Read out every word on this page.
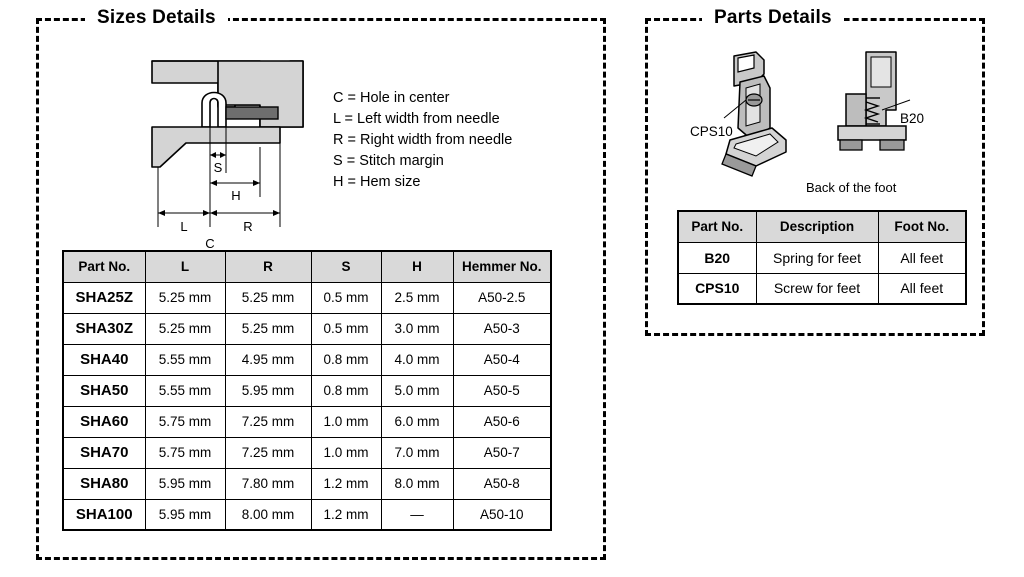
Sizes Details
S
H
L	R
C
C = Hole in center
L = Left width from needle
R = Right width from needle
S = Stitch margin
H = Hem size
Part No.	L	R	S	H	Hemmer No.
SHA25Z	5.25 mm	5.25 mm	0.5 mm	2.5 mm	A50-2.5
SHA30Z	5.25 mm	5.25 mm	0.5 mm	3.0 mm	A50-3
SHA40	5.55 mm	4.95 mm	0.8 mm	4.0 mm	A50-4
SHA50	5.55 mm	5.95 mm	0.8 mm	5.0 mm	A50-5
SHA60	5.75 mm	7.25 mm	1.0 mm	6.0 mm	A50-6
SHA70	5.75 mm	7.25 mm	1.0 mm	7.0 mm	A50-7
SHA80	5.95 mm	7.80 mm	1.2 mm	8.0 mm	A50-8
SHA100	5.95 mm	8.00 mm	1.2 mm	—	A50-10
Parts Details
CPS10
B20
Back of the foot
Part No.	Description	Foot No.
B20	Spring for feet	All feet
CPS10	Screw for feet	All feet
